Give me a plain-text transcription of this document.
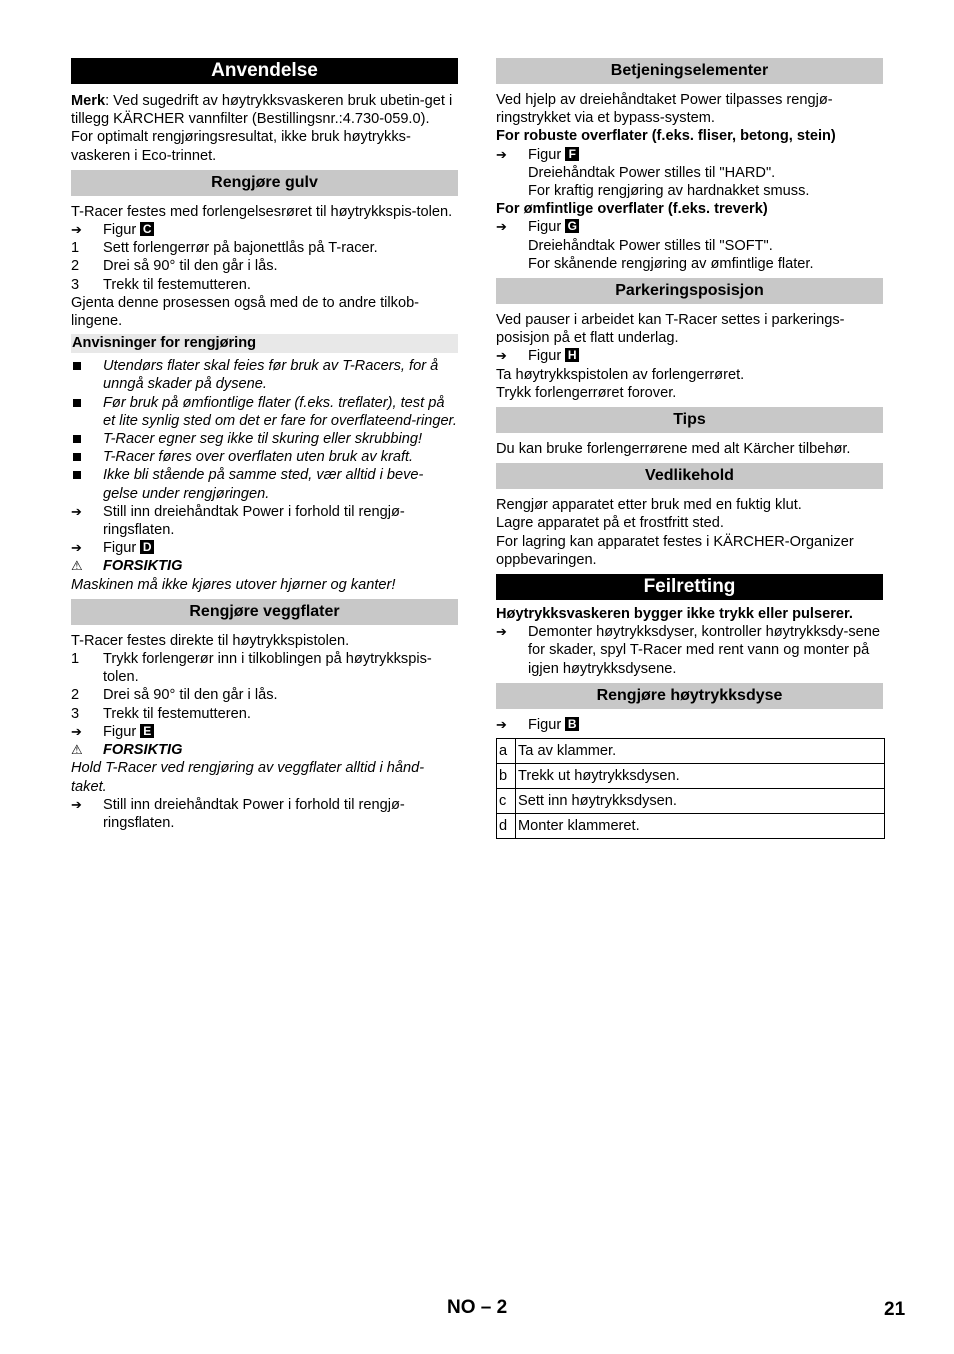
Anvendelse

Merk: Ved sugedrift av høytrykksvaskeren bruk ubetin-get i tillegg KÄRCHER vannfilter (Bestillingsnr.:4.730-059.0).

For optimalt rengjøringsresultat, ikke bruk høytrykks-vaskeren i Eco-trinnet.

Rengjøre gulv

T-Racer festes med forlengelsesrøret til høytrykkspis-tolen.

➔	Figur C
1	Sett forlengerrør på bajonettlås på T-racer.
2	Drei så 90° til den går i lås.
3	Trekk til festemutteren.

Gjenta denne prosessen også med de to andre tilkob-lingene.

Anvisninger for rengjøring
Utendørs flater skal feies før bruk av T-Racers, for å unngå skader på dysene.
Før bruk på ømfiontlige flater (f.eks. treflater), test på et lite synlig sted om det er fare for overflateend-ringer.
T-Racer egner seg ikke til skuring eller skrubbing!
T-Racer føres over overflaten uten bruk av kraft.
Ikke bli stående på samme sted, vær alltid i beve-gelse under rengjøringen.
➔	Still inn dreiehåndtak Power i forhold til rengjø-ringsflaten.
➔	Figur D
⚠	FORSIKTIG

Maskinen må ikke kjøres utover hjørner og kanter!

Rengjøre veggflater

T-Racer festes direkte til høytrykkspistolen.

1	Trykk forlengerør inn i tilkoblingen på høytrykkspis-tolen.
2	Drei så 90° til den går i lås.
3	Trekk til festemutteren.
➔	Figur E
⚠	FORSIKTIG

Hold T-Racer ved rengjøring av veggflater alltid i hånd-taket.

➔	Still inn dreiehåndtak Power i forhold til rengjø-ringsflaten.
Betjeningselementer

Ved hjelp av dreiehåndtaket Power tilpasses rengjø-ringstrykket via et bypass-system.

For robuste overflater (f.eks. fliser, betong, stein)

➔	Figur F
Dreiehåndtak Power stilles til "HARD".
For kraftig rengjøring av hardnakket smuss.

For ømfintlige overflater (f.eks. treverk)

➔	Figur G
Dreiehåndtak Power stilles til "SOFT".
For skånende rengjøring av ømfintlige flater.
Parkeringsposisjon

Ved pauser i arbeidet kan T-Racer settes i parkerings-posisjon på et flatt underlag.

➔	Figur H

Ta høytrykkspistolen av forlengerrøret.

Trykk forlengerrøret forover.

Tips

Du kan bruke forlengerrørene med alt Kärcher tilbehør.

Vedlikehold

Rengjør apparatet etter bruk med en fuktig klut.

Lagre apparatet på et frostfritt sted.

For lagring kan apparatet festes i KÄRCHER-Organizer oppbevaringen.

Feilretting

Høytrykksvaskeren bygger ikke trykk eller pulserer.

➔	Demonter høytrykksdyser, kontroller høytrykksdy-sene for skader, spyl T-Racer med rent vann og monter på igjen høytrykksdysene.
Rengjøre høytrykksdyse
➔	Figur B
a	Ta av klammer.
b	Trekk ut høytrykksdysen.
c	Sett inn høytrykksdysen.
d	Monter klammeret.
NO – 2	21
